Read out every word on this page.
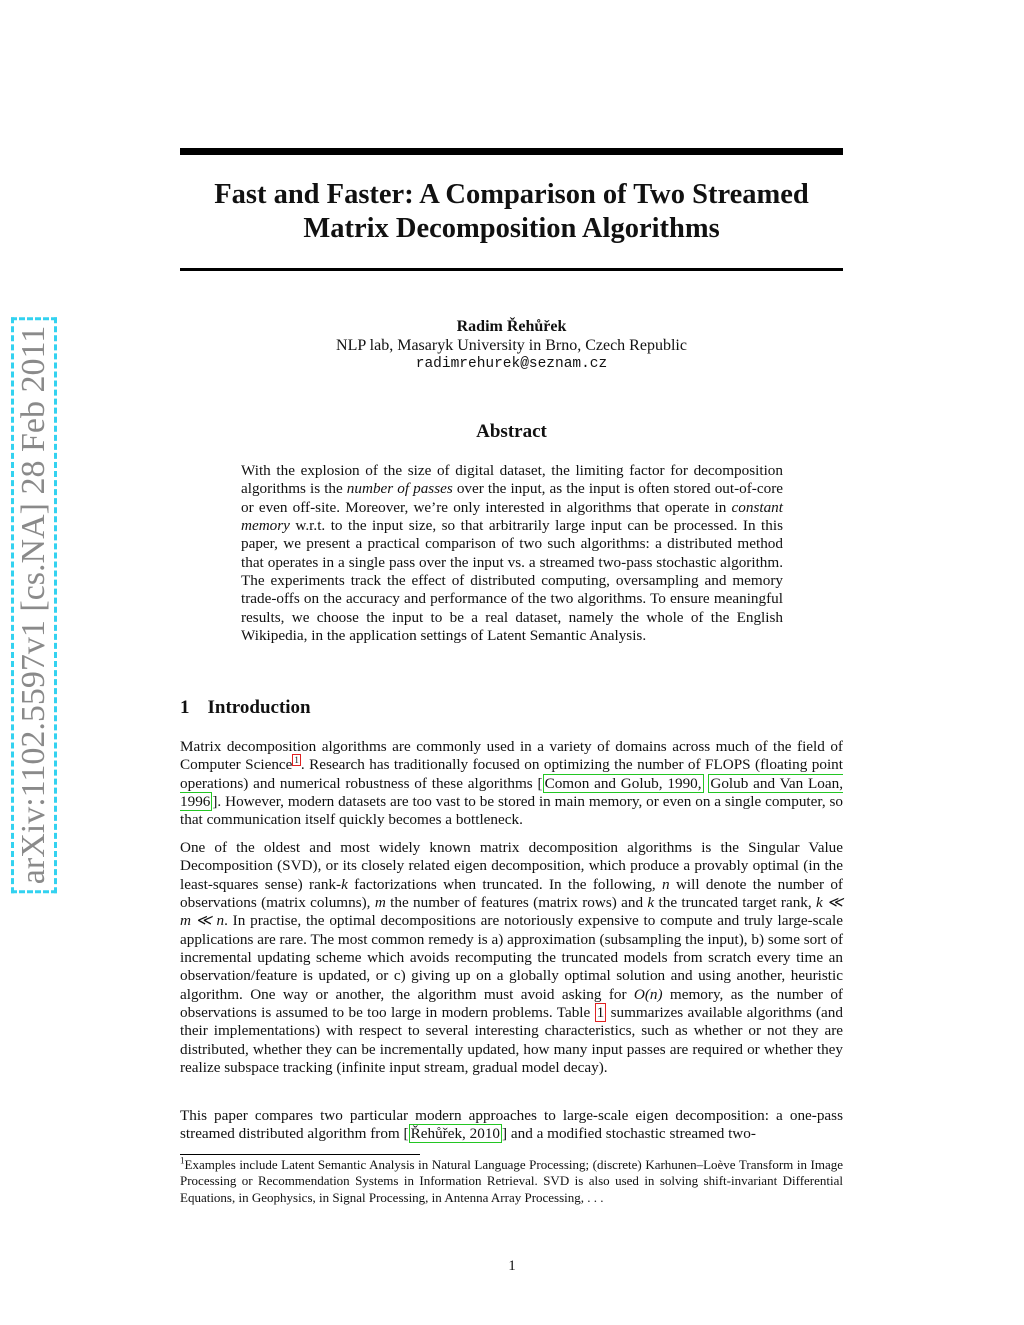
arXiv:1102.5597v1 [cs.NA] 28 Feb 2011
Fast and Faster: A Comparison of Two Streamed
Matrix Decomposition Algorithms
Radim Řehůřek
NLP lab, Masaryk University in Brno, Czech Republic
radimrehurek@seznam.cz
Abstract

With the explosion of the size of digital dataset, the limiting factor for decomposition algorithms is the number of passes over the input, as the input is often stored out-of-core or even off-site. Moreover, we’re only interested in algorithms that operate in constant memory w.r.t. to the input size, so that arbitrarily large input can be processed. In this paper, we present a practical comparison of two such algorithms: a distributed method that operates in a single pass over the input vs. a streamed two-pass stochastic algorithm. The experiments track the effect of distributed computing, oversampling and memory trade-offs on the accuracy and performance of the two algorithms. To ensure meaningful results, we choose the input to be a real dataset, namely the whole of the English Wikipedia, in the application settings of Latent Semantic Analysis.

1 Introduction

Matrix decomposition algorithms are commonly used in a variety of domains across much of the field of Computer Science $^1$ . Research has traditionally focused on optimizing the number of FLOPS (floating point operations) and numerical robustness of these algorithms [ Comon and Golub, 1990, Golub and Van Loan, 1996 ]. However, modern datasets are too vast to be stored in main memory, or even on a single computer, so that communication itself quickly becomes a bottleneck.

One of the oldest and most widely known matrix decomposition algorithms is the Singular Value Decomposition (SVD), or its closely related eigen decomposition, which produce a provably optimal (in the least-squares sense) rank-k factorizations when truncated. In the following, n will denote the number of observations (matrix columns), m the number of features (matrix rows) and k the truncated target rank, k ≪ m ≪ n. In practise, the optimal decompositions are notoriously expensive to compute and truly large-scale applications are rare. The most common remedy is a) approximation (subsampling the input), b) some sort of incremental updating scheme which avoids recomputing the truncated models from scratch every time an observation/feature is updated, or c) giving up on a globally optimal solution and using another, heuristic algorithm. One way or another, the algorithm must avoid asking for O(n) memory, as the number of observations is assumed to be too large in modern problems. Table 1 summarizes available algorithms (and their implementations) with respect to several interesting characteristics, such as whether or not they are distributed, whether they can be incrementally updated, how many input passes are required or whether they realize subspace tracking (infinite input stream, gradual model decay).

This paper compares two particular modern approaches to large-scale eigen decomposition: a one-pass streamed distributed algorithm from [ Řehůřek, 2010 ] and a modified stochastic streamed two-

$^1$Examples include Latent Semantic Analysis in Natural Language Processing; (discrete) Karhunen–Loève Transform in Image Processing or Recommendation Systems in Information Retrieval. SVD is also used in solving shift-invariant Differential Equations, in Geophysics, in Signal Processing, in Antenna Array Processing, . . .

1
